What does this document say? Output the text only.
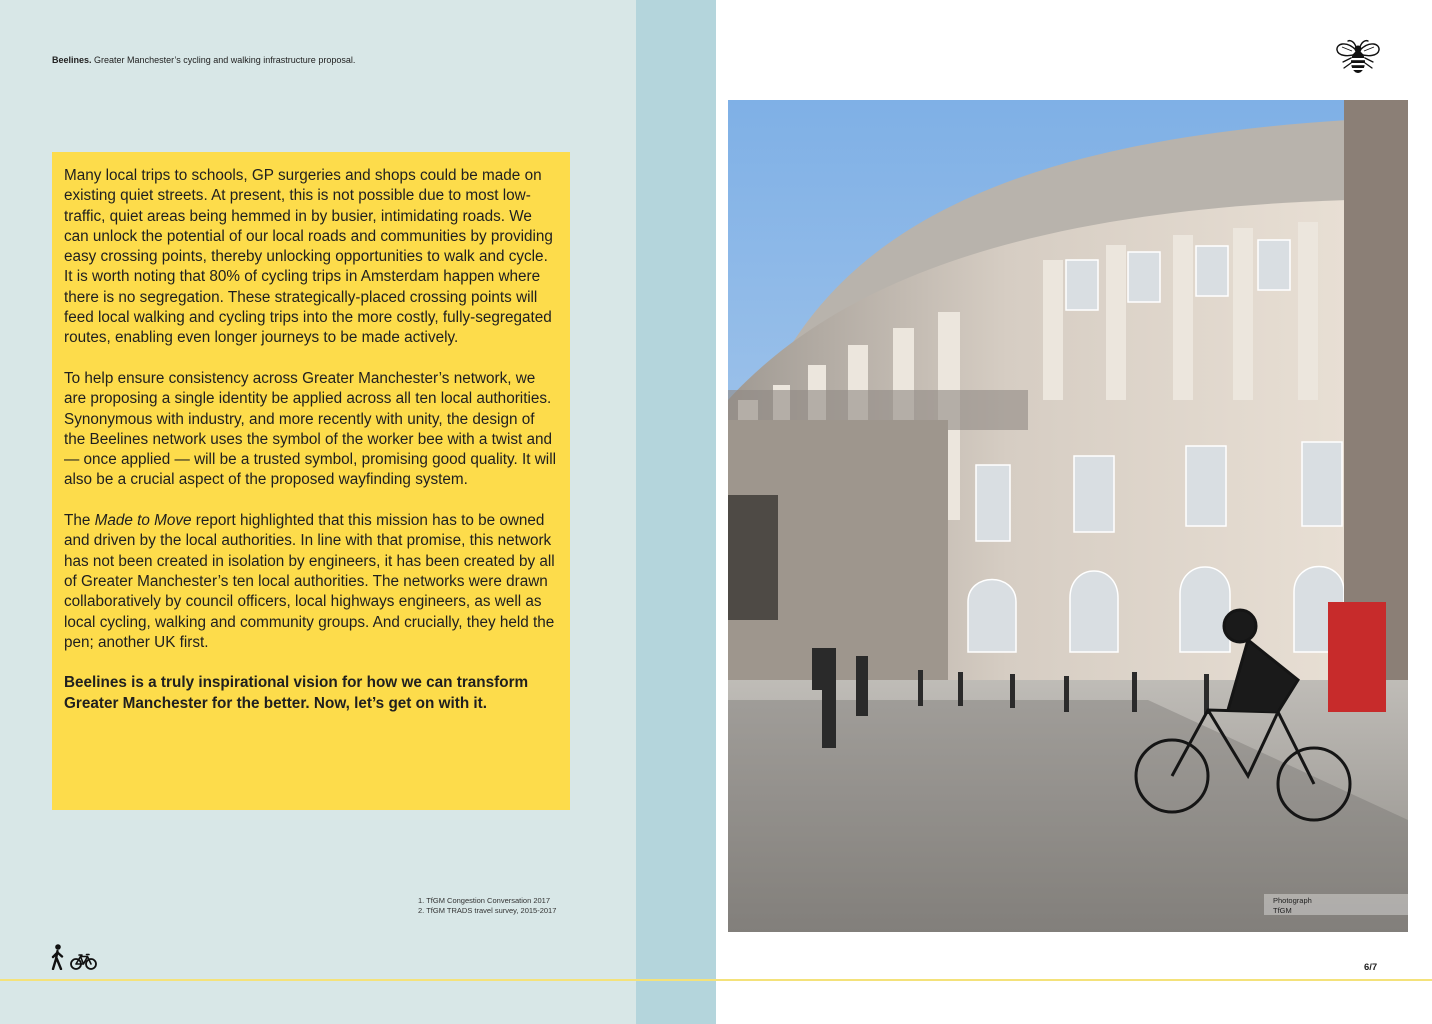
Beelines. Greater Manchester’s cycling and walking infrastructure proposal.

Many local trips to schools, GP surgeries and shops could be made on existing quiet streets. At present, this is not possible due to most low-traffic, quiet areas being hemmed in by busier, intimidating roads. We can unlock the potential of our local roads and communities by providing easy crossing points, thereby unlocking opportunities to walk and cycle. It is worth noting that 80% of cycling trips in Amsterdam happen where there is no segregation. These strategically-placed crossing points will feed local walking and cycling trips into the more costly, fully-segregated routes, enabling even longer journeys to be made actively.

To help ensure consistency across Greater Manchester’s network, we are proposing a single identity be applied across all ten local authorities. Synonymous with industry, and more recently with unity, the design of the Beelines network uses the symbol of the worker bee with a twist and — once applied — will be a trusted symbol, promising good quality. It will also be a crucial aspect of the proposed wayfinding system.

The Made to Move report highlighted that this mission has to be owned and driven by the local authorities. In line with that promise, this network has not been created in isolation by engineers, it has been created by all of Greater Manchester’s ten local authorities. The networks were drawn collaboratively by council officers, local highways engineers, as well as local cycling, walking and community groups. And crucially, they held the pen; another UK first.

Beelines is a truly inspirational vision for how we can transform Greater Manchester for the better. Now, let’s get on with it.

1. TfGM Congestion Conversation 2017
2. TfGM TRADS travel survey, 2015-2017
Photograph
TfGM
6/7
